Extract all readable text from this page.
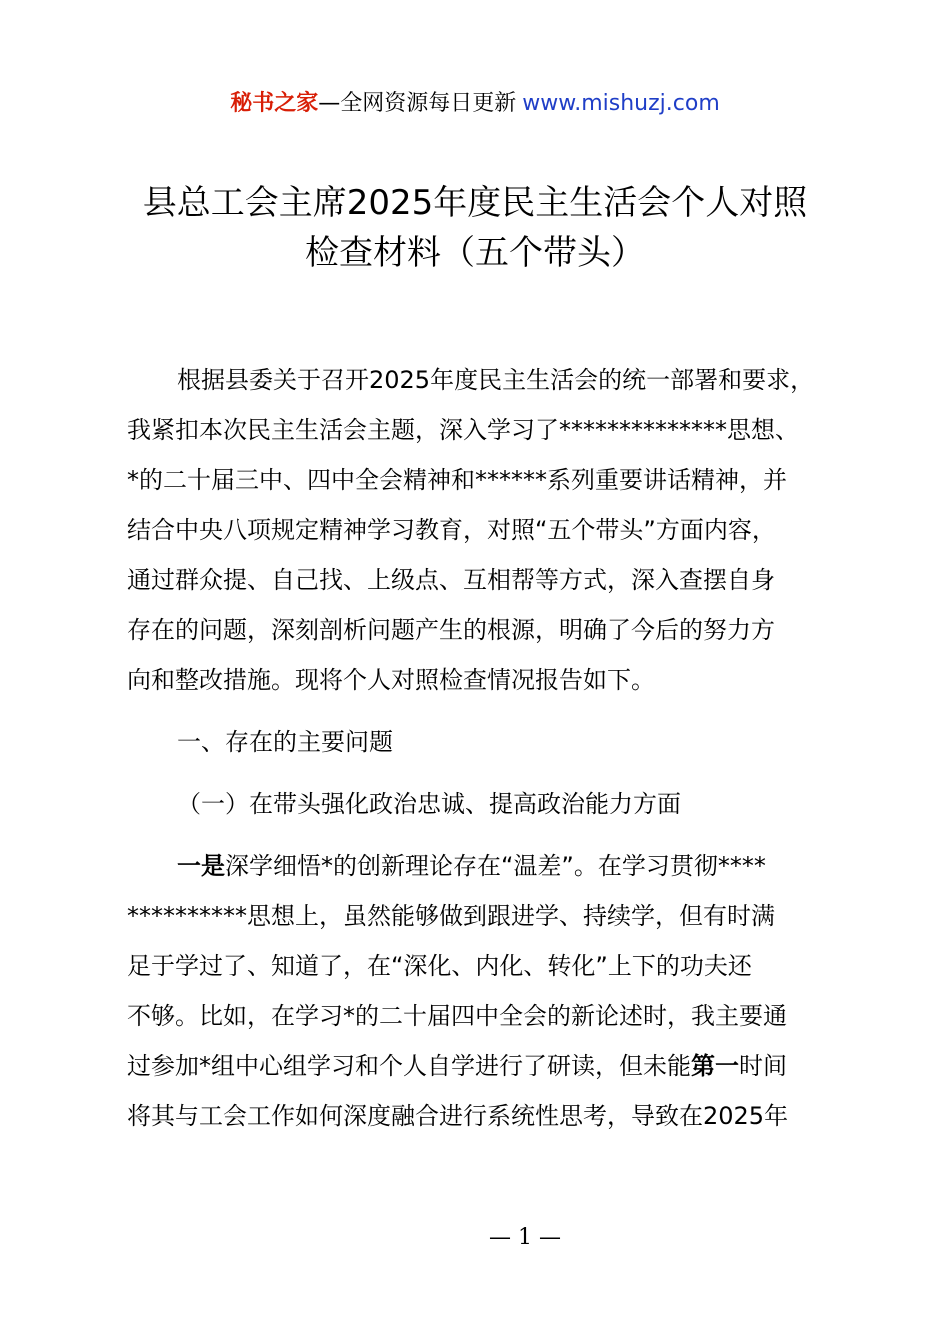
秘书之家—全网资源每日更新 www.mishuzj.com
县总工会主席2025年度民主生活会个人对照
检查材料（五个带头）
根据县委关于召开2025年度民主生活会的统一部署和要求，
我紧扣本次民主生活会主题，深入学习了**************思想、
*的二十届三中、四中全会精神和******系列重要讲话精神，并
结合中央八项规定精神学习教育，对照“五个带头”方面内容，
通过群众提、自己找、上级点、互相帮等方式，深入查摆自身
存在的问题，深刻剖析问题产生的根源，明确了今后的努力方
向和整改措施。现将个人对照检查情况报告如下。
一、存在的主要问题
（一）在带头强化政治忠诚、提高政治能力方面
一是深学细悟*的创新理论存在“温差”。在学习贯彻****
**********思想上，虽然能够做到跟进学、持续学，但有时满
足于学过了、知道了，在“深化、内化、转化”上下的功夫还
不够。比如，在学习*的二十届四中全会的新论述时，我主要通
过参加*组中心组学习和个人自学进行了研读，但未能第一时间
将其与工会工作如何深度融合进行系统性思考，导致在2025年
— 1 —
